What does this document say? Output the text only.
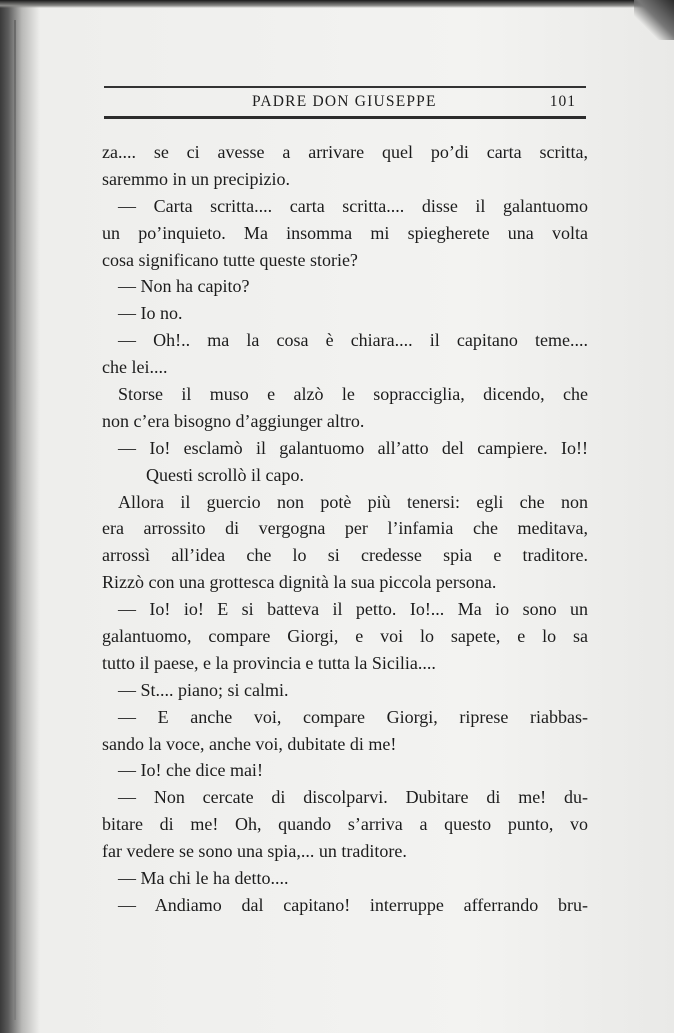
PADRE DON GIUSEPPE	101
za.... se ci avesse a arrivare quel po’di carta scritta,
saremmo in un precipizio.
— Carta scritta.... carta scritta.... disse il galantuomo
un po’inquieto. Ma insomma mi spiegherete una volta
cosa significano tutte queste storie?
— Non ha capito?
— Io no.
— Oh!.. ma la cosa è chiara.... il capitano teme....
che lei....
Storse il muso e alzò le sopracciglia, dicendo, che
non c’era bisogno d’aggiunger altro.
— Io! esclamò il galantuomo all’atto del campiere. Io!!
Questi scrollò il capo.
Allora il guercio non potè più tenersi: egli che non
era arrossito di vergogna per l’infamia che meditava,
arrossì all’idea che lo si credesse spia e traditore.
Rizzò con una grottesca dignità la sua piccola persona.
— Io! io! E si batteva il petto. Io!... Ma io sono un
galantuomo, compare Giorgi, e voi lo sapete, e lo sa
tutto il paese, e la provincia e tutta la Sicilia....
— St.... piano; si calmi.
— E anche voi, compare Giorgi, riprese riabbas-
sando la voce, anche voi, dubitate di me!
— Io! che dice mai!
— Non cercate di discolparvi. Dubitare di me! du-
bitare di me! Oh, quando s’arriva a questo punto, vo
far vedere se sono una spia,... un traditore.
— Ma chi le ha detto....
— Andiamo dal capitano! interruppe afferrando bru-
